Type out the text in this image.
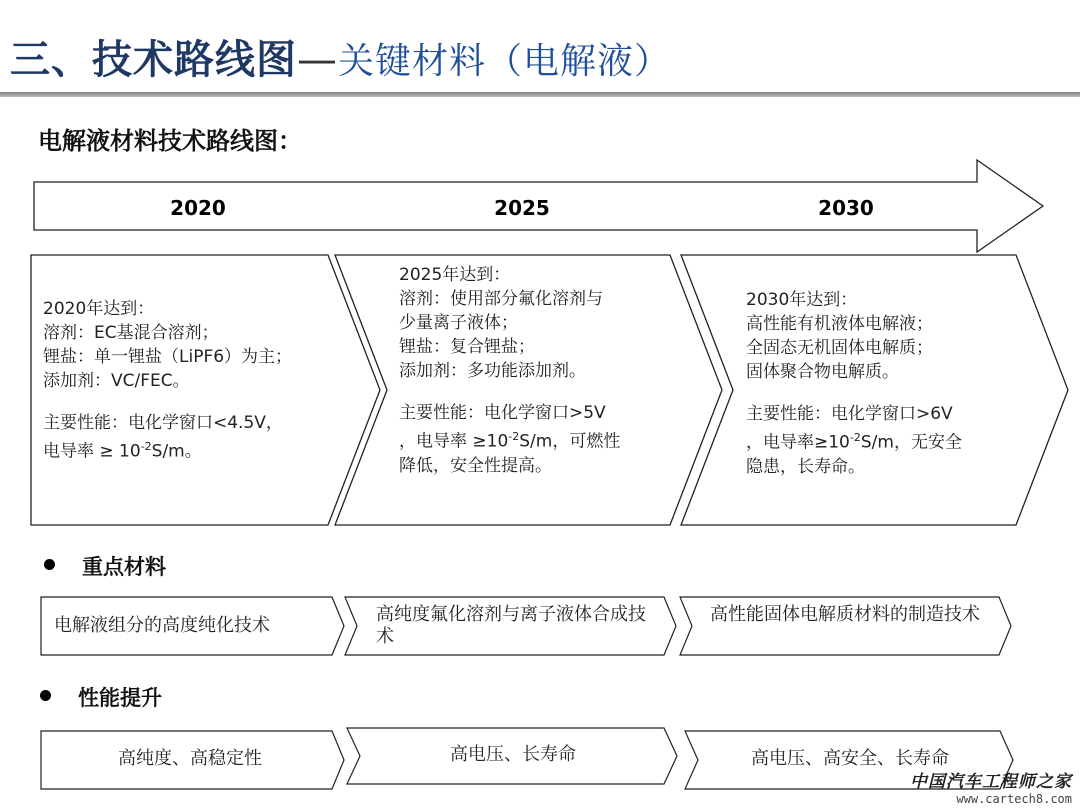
三、技术路线图—关键材料（电解液）
电解液材料技术路线图：
2020	2025	2030
2020年达到：
溶剂：EC基混合溶剂；
锂盐：单一锂盐（LiPF6）为主；
添加剂：VC/FEC。
主要性能：电化学窗口<4.5V，
电导率 ≥ $10^{-2}S/m$。
2025年达到：
溶剂：使用部分氟化溶剂与
少量离子液体；
锂盐：复合锂盐；
添加剂：多功能添加剂。
主要性能：电化学窗口>5V
，电导率 $\ge 10^{-2}S/m$，可燃性
降低，安全性提高。
2030年达到：
高性能有机液体电解液；
全固态无机固体电解质；
固体聚合物电解质。
主要性能：电化学窗口>6V
，电导率$\ge 10^{-2}S/m$，无安全
隐患，长寿命。
重点材料
电解液组分的高度纯化技术
高纯度氟化溶剂与离子液体合成技术
高性能固体电解质材料的制造技术
性能提升
高纯度、高稳定性	高电压、长寿命	高电压、高安全、长寿命
中国汽车工程师之家
www.cartech8.com
